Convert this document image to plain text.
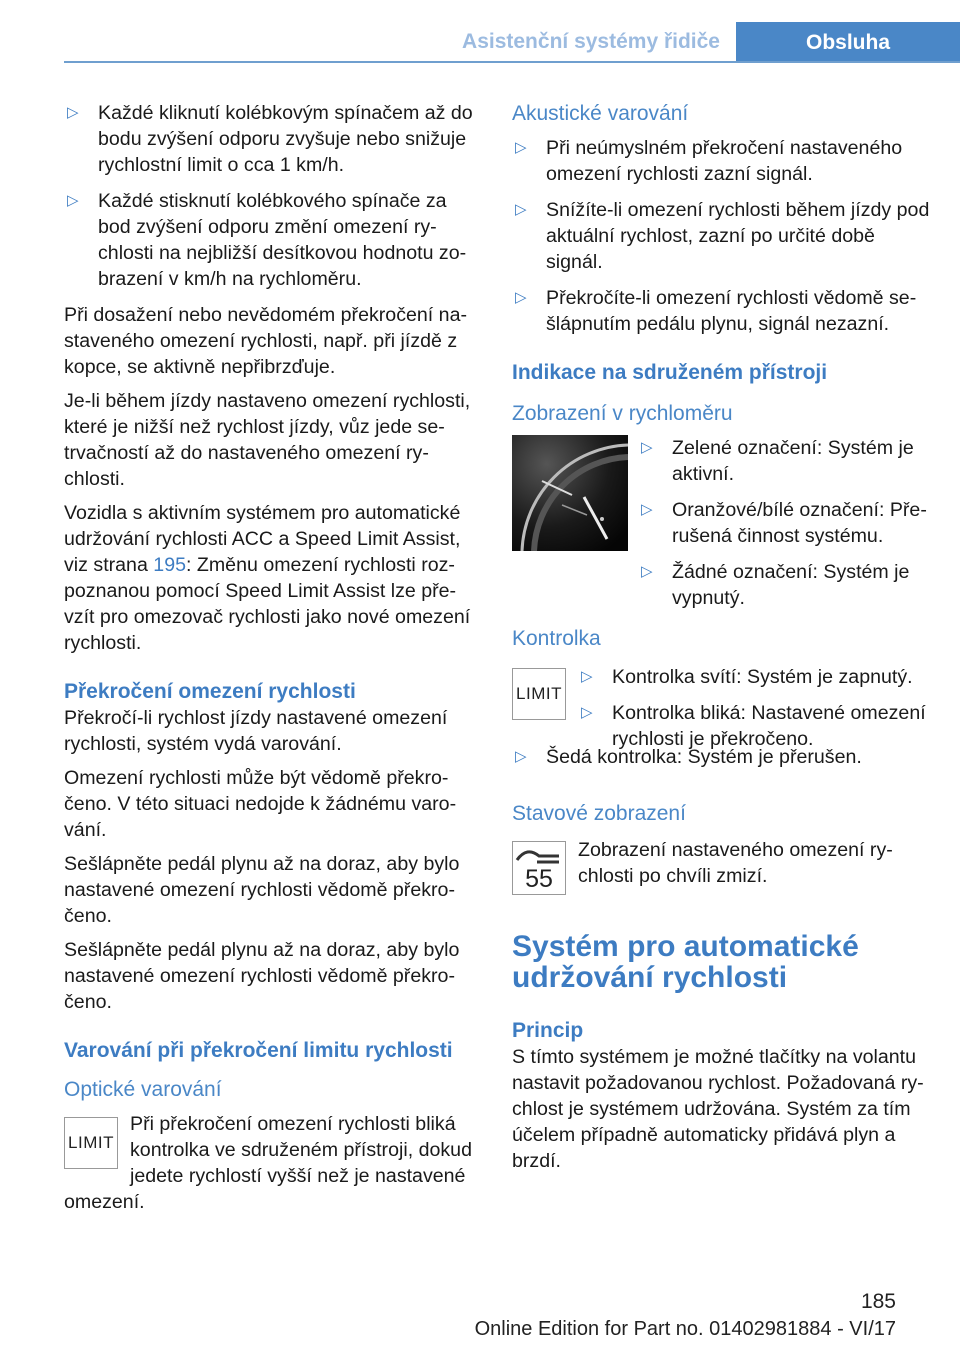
Asistenční systémy řidiče	Obsluha
▷ Každé kliknutí kolébkovým spínačem až do bodu zvýšení odporu zvyšuje nebo snižuje rychlostní limit o cca 1 km/h.
▷ Každé stisknutí kolébkového spínače za bod zvýšení odporu změní omezení ry-chlosti na nejbližší desítkovou hodnotu zo-brazení v km/h na rychloměru.

Při dosažení nebo nevědomém překročení na-staveného omezení rychlosti, např. při jízdě z kopce, se aktivně nepřibrzďuje.

Je-li během jízdy nastaveno omezení rychlosti, které je nižší než rychlost jízdy, vůz jede se-trvačností až do nastaveného omezení ry-chlosti.

Vozidla s aktivním systémem pro automatické udržování rychlosti ACC a Speed Limit Assist, viz strana 195: Změnu omezení rychlosti roz-poznanou pomocí Speed Limit Assist lze pře-vzít pro omezovač rychlosti jako nové omezení rychlosti.

Překročení omezení rychlosti

Překročí-li rychlost jízdy nastavené omezení rychlosti, systém vydá varování.

Omezení rychlosti může být vědomě překro-čeno. V této situaci nedojde k žádnému varo-vání.

Sešlápněte pedál plynu až na doraz, aby bylo nastavené omezení rychlosti vědomě překro-čeno.

Sešlápněte pedál plynu až na doraz, aby bylo nastavené omezení rychlosti vědomě překro-čeno.

Varování při překročení limitu rychlosti
Optické varování
LIMIT

Při překročení omezení rychlosti bliká kontrolka ve sdruženém přístroji, dokud jedete rychlostí vyšší než je nastavené omezení.

Akustické varování
▷ Při neúmyslném překročení nastaveného omezení rychlosti zazní signál.
▷ Snížíte-li omezení rychlosti během jízdy pod aktuální rychlost, zazní po určité době signál.
▷ Překročíte-li omezení rychlosti vědomě se-šlápnutím pedálu plynu, signál nezazní.
Indikace na sdruženém přístroji
Zobrazení v rychloměru
▷ Zelené označení: Systém je aktivní.
▷ Oranžové/bílé označení: Pře-rušená činnost systému.
▷ Žádné označení: Systém je vypnutý.
Kontrolka
LIMIT
▷ Kontrolka svítí: Systém je zapnutý.
▷ Kontrolka bliká: Nastavené omezení rychlosti je překročeno.
▷ Šedá kontrolka: Systém je přerušen.
Stavové zobrazení
55

Zobrazení nastaveného omezení ry-chlosti po chvíli zmizí.

Systém pro automatické udržování rychlosti
Princip

S tímto systémem je možné tlačítky na volantu nastavit požadovanou rychlost. Požadovaná ry-chlost je systémem udržována. Systém za tím účelem případně automaticky přidává plyn a brzdí.

185
Online Edition for Part no. 01402981884 - VI/17
